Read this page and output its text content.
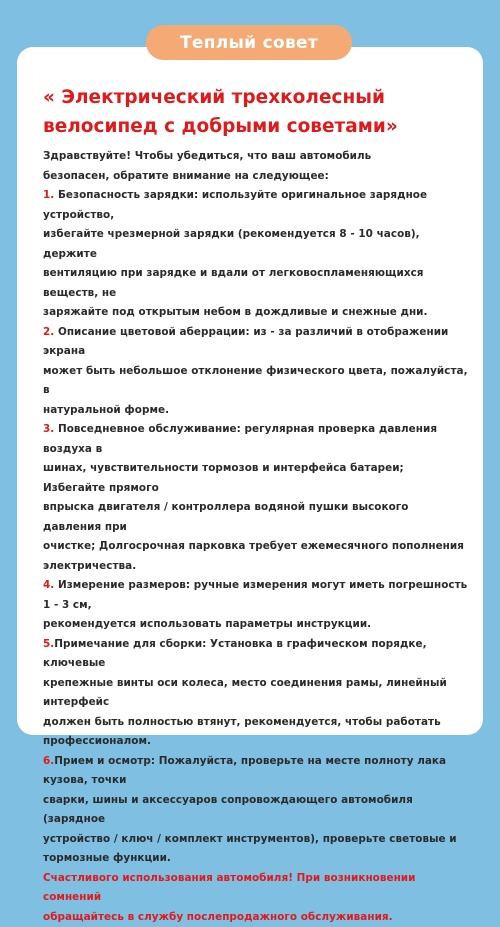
Теплый совет
« Электрический трехколесный
велосипед с добрыми советами»

Здравствуйте! Чтобы убедиться, что ваш автомобиль

безопасен, обратите внимание на следующее:

1. Безопасность зарядки: используйте оригинальное зарядное устройство,

избегайте чрезмерной зарядки (рекомендуется 8 - 10 часов), держите

вентиляцию при зарядке и вдали от легковоспламеняющихся веществ, не

заряжайте под открытым небом в дождливые и снежные дни.

2. Описание цветовой аберрации: из - за различий в отображении экрана

может быть небольшое отклонение физического цвета, пожалуйста, в

натуральной форме.

3. Повседневное обслуживание: регулярная проверка давления воздуха в

шинах, чувствительности тормозов и интерфейса батареи; Избегайте прямого

впрыска двигателя / контроллера водяной пушки высокого давления при

очистке; Долгосрочная парковка требует ежемесячного пополнения

электричества.

4. Измерение размеров: ручные измерения могут иметь погрешность 1 - 3 см,

рекомендуется использовать параметры инструкции.

5.Примечание для сборки: Установка в графическом порядке, ключевые

крепежные винты оси колеса, место соединения рамы, линейный интерфейс

должен быть полностью втянут, рекомендуется, чтобы работать

профессионалом.

6.Прием и осмотр: Пожалуйста, проверьте на месте полноту лака кузова, точки

сварки, шины и аксессуаров сопровождающего автомобиля (зарядное

устройство / ключ / комплект инструментов), проверьте световые и

тормозные функции.

Счастливого использования автомобиля! При возникновении сомнений

обращайтесь в службу послепродажного обслуживания.
